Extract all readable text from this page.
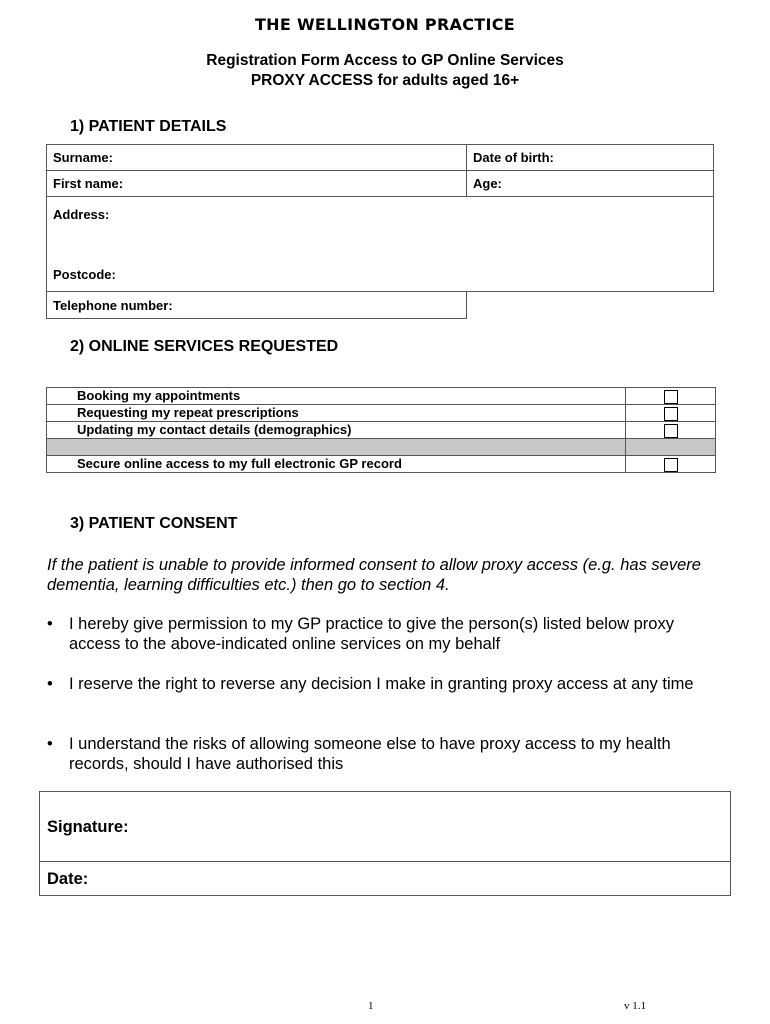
THE WELLINGTON PRACTICE
Registration Form Access to GP Online Services
PROXY ACCESS for adults aged 16+
1) PATIENT DETAILS
Surname:	Date of birth:
First name:	Age:

Address:
Postcode:	
Telephone number:
2) ONLINE SERVICES REQUESTED
Booking my appointments	
Requesting my repeat prescriptions	
Updating my contact details (demographics)	

Secure online access to my full electronic GP record	
3) PATIENT CONSENT
If the patient is unable to provide informed consent to allow proxy access (e.g. has severe dementia, learning difficulties etc.) then go to section 4.
• I hereby give permission to my GP practice to give the person(s) listed below proxy access to the above-indicated online services on my behalf
• I reserve the right to reverse any decision I make in granting proxy access at any time
• I understand the risks of allowing someone else to have proxy access to my health records, should I have authorised this
Signature:
Date:
1	v 1.1
